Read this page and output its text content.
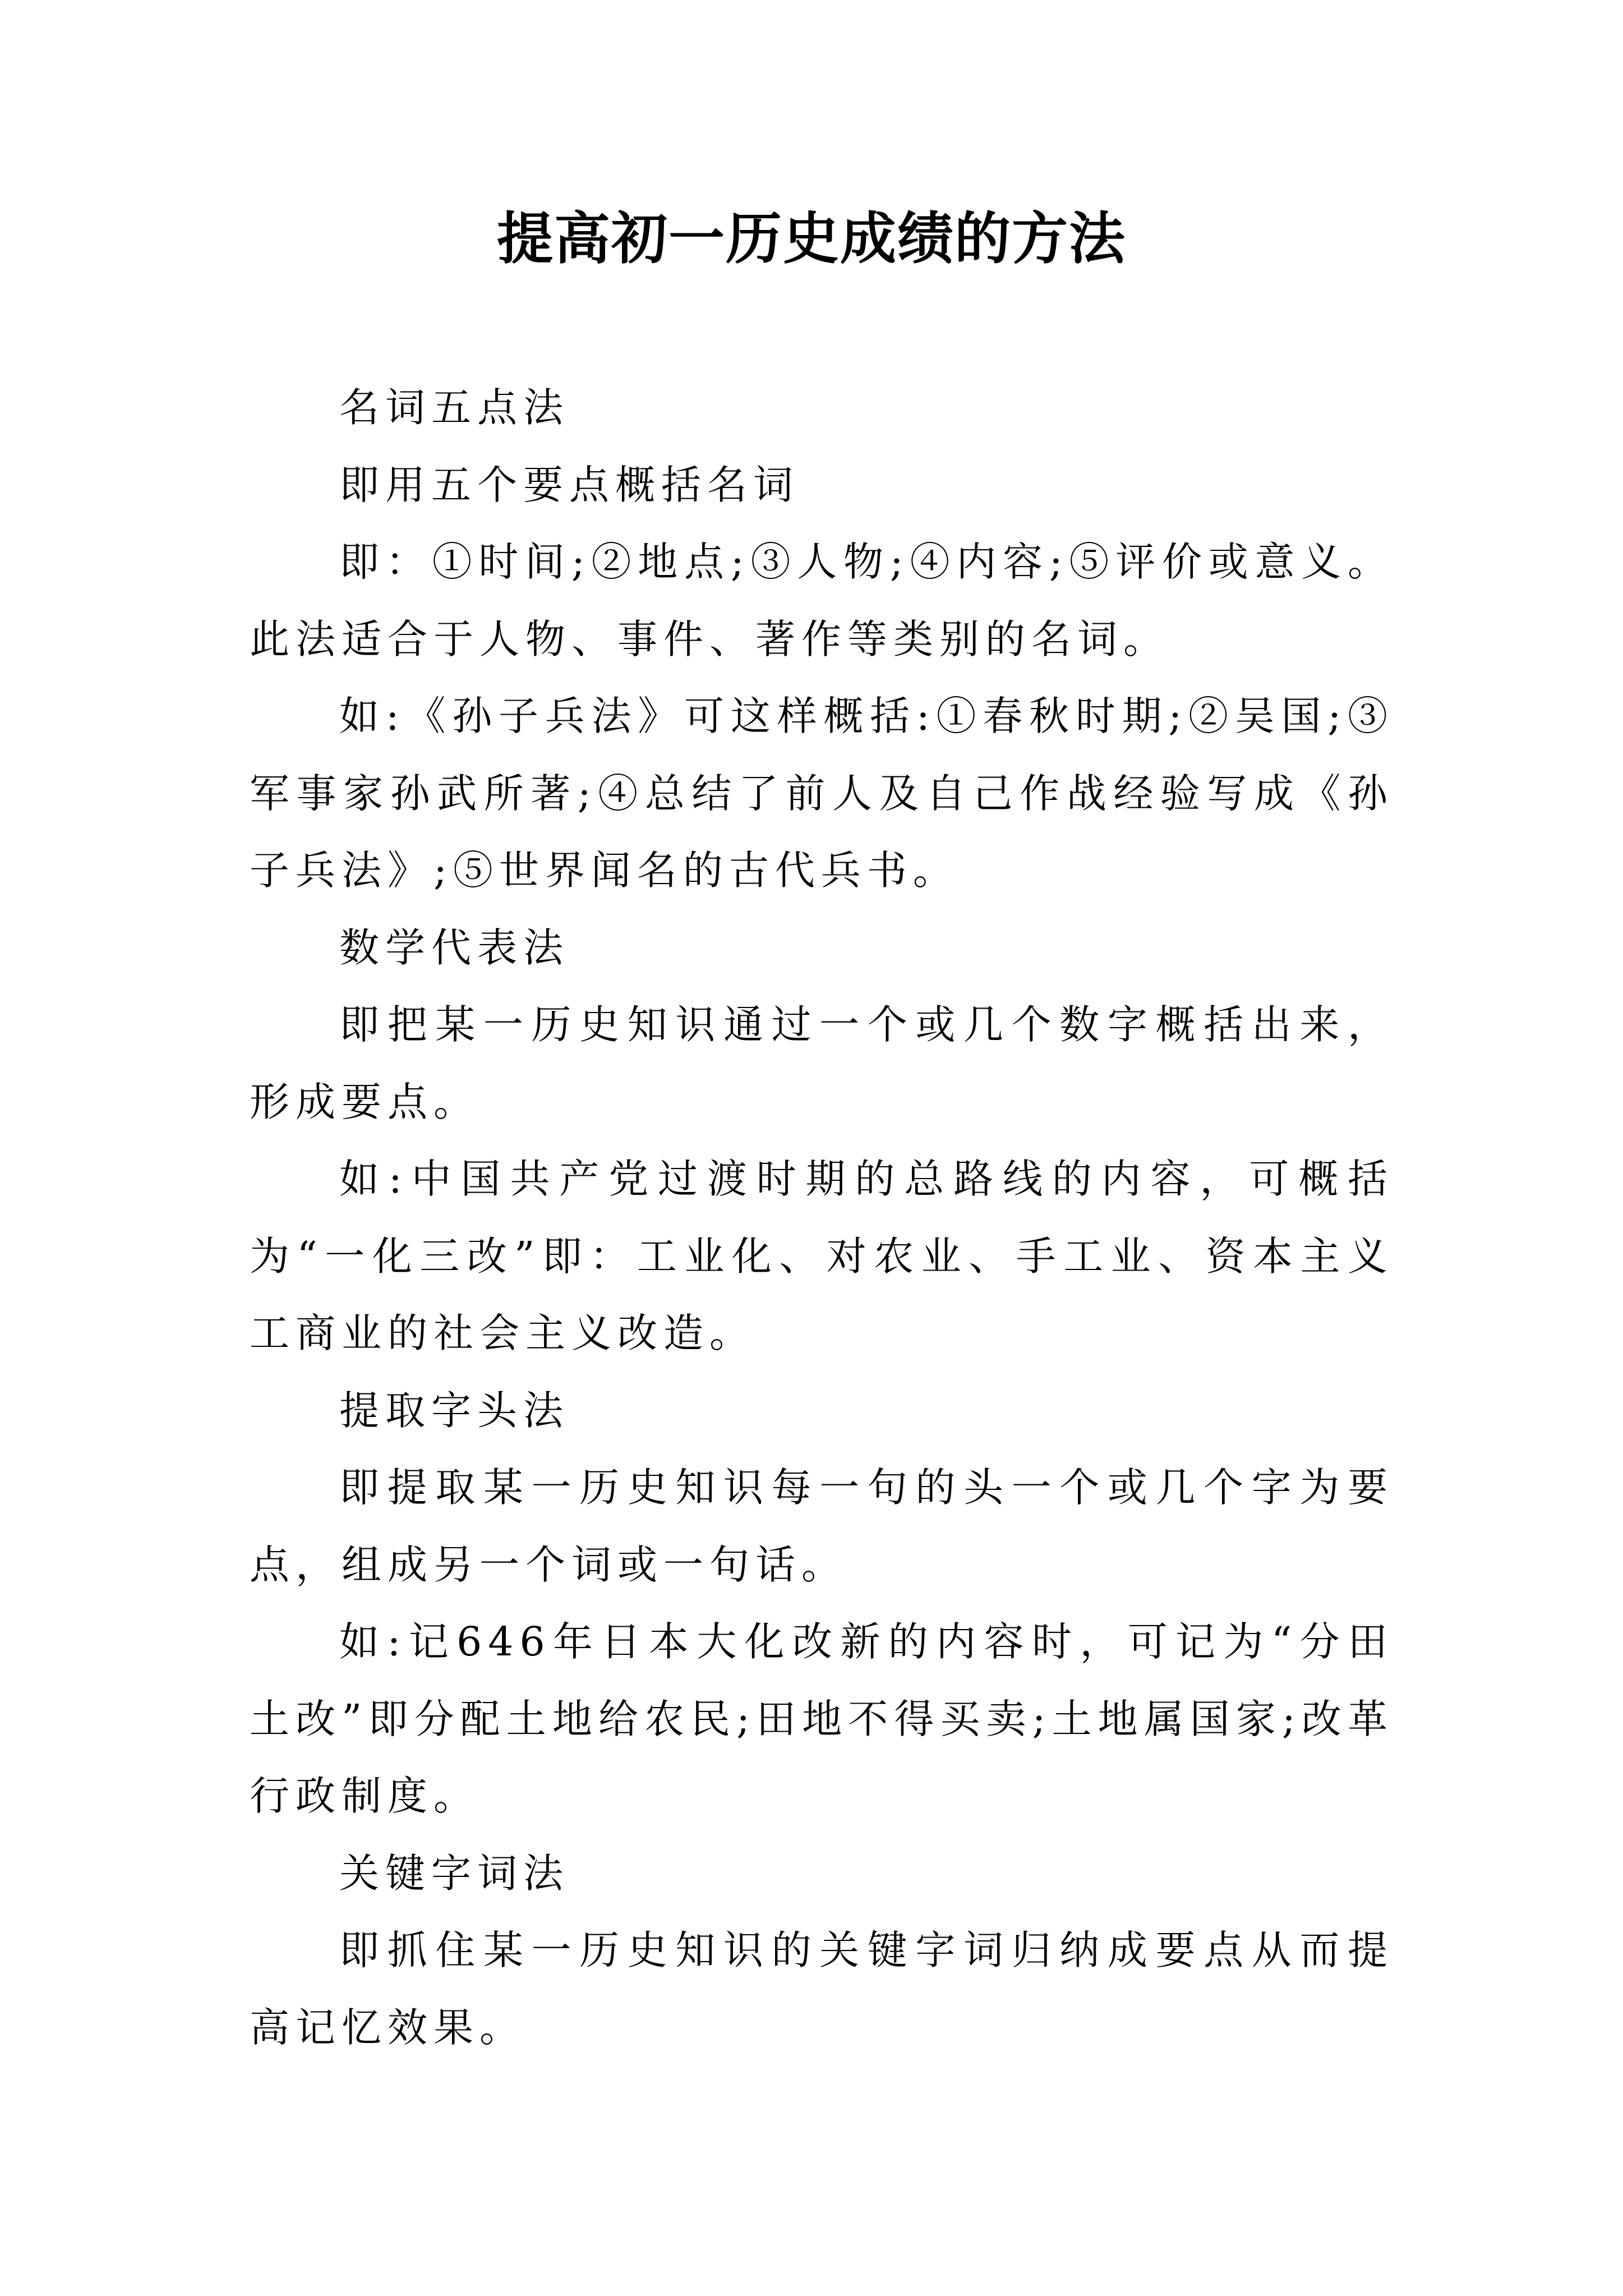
提高初一历史成绩的方法

名词五点法

即用五个要点概括名词

即：①时间;②地点;③人物;④内容;⑤评价或意义。此法适合于人物、事件、著作等类别的名词。

如:《孙子兵法》可这样概括:①春秋时期;②吴国;③军事家孙武所著;④总结了前人及自己作战经验写成《孙子兵法》;⑤世界闻名的古代兵书。

数学代表法

即把某一历史知识通过一个或几个数字概括出来，形成要点。

如:中国共产党过渡时期的总路线的内容，可概括为“一化三改”即：工业化、对农业、手工业、资本主义工商业的社会主义改造。

提取字头法

即提取某一历史知识每一句的头一个或几个字为要点，组成另一个词或一句话。

如:记646年日本大化改新的内容时，可记为“分田土改”即分配土地给农民;田地不得买卖;土地属国家;改革行政制度。

关键字词法

即抓住某一历史知识的关键字词归纳成要点从而提高记忆效果。
